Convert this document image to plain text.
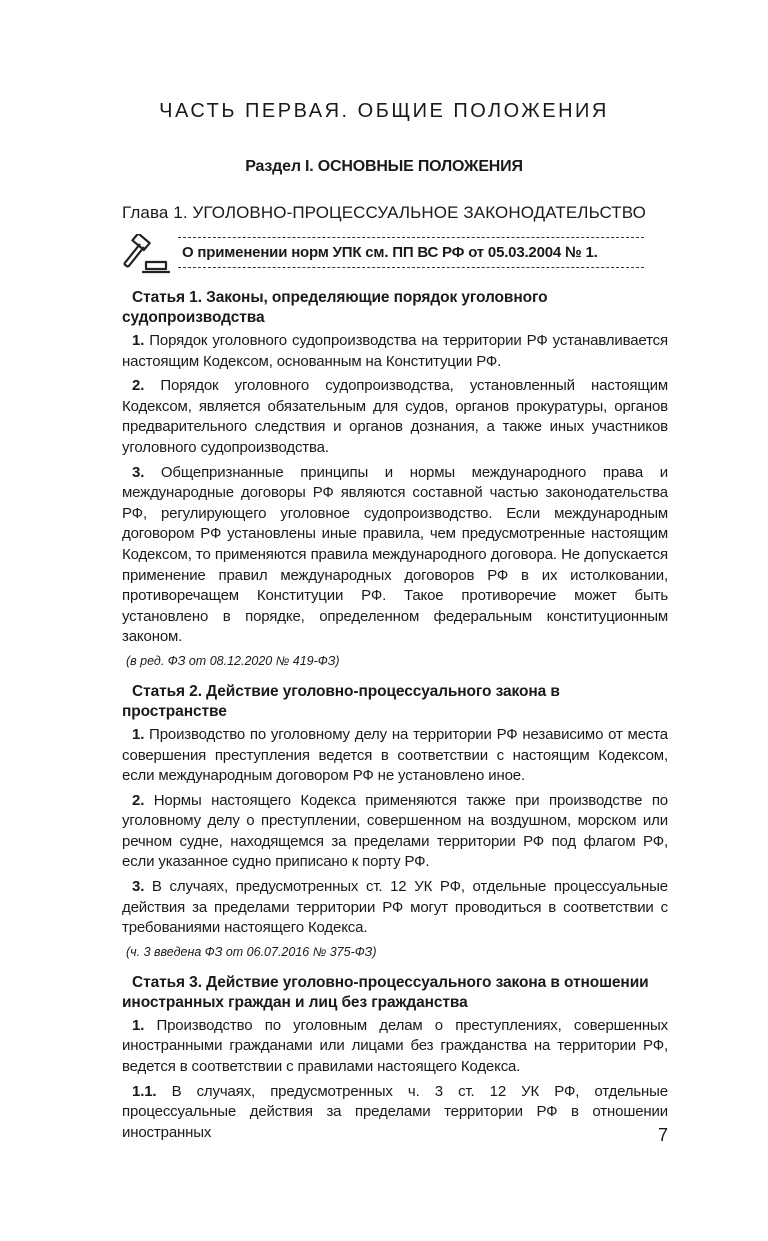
ЧАСТЬ ПЕРВАЯ. ОБЩИЕ ПОЛОЖЕНИЯ
Раздел I. ОСНОВНЫЕ ПОЛОЖЕНИЯ
Глава 1. УГОЛОВНО-ПРОЦЕССУАЛЬНОЕ ЗАКОНОДАТЕЛЬСТВО
О применении норм УПК см. ПП ВС РФ от 05.03.2004 № 1.
Статья 1. Законы, определяющие порядок уголовного судопроизводства

1. Порядок уголовного судопроизводства на территории РФ устанавливается настоящим Кодексом, основанным на Конституции РФ.

2. Порядок уголовного судопроизводства, установленный настоящим Кодексом, является обязательным для судов, органов прокуратуры, органов предварительного следствия и органов дознания, а также иных участников уголовного судопроизводства.

3. Общепризнанные принципы и нормы международного права и международные договоры РФ являются составной частью законодательства РФ, регулирующего уголовное судопроизводство. Если международным договором РФ установлены иные правила, чем предусмотренные настоящим Кодексом, то применяются правила международного договора. Не допускается применение правил международных договоров РФ в их истолковании, противоречащем Конституции РФ. Такое противоречие может быть установлено в порядке, определенном федеральным конституционным законом.

(в ред. ФЗ от 08.12.2020 № 419-ФЗ)
Статья 2. Действие уголовно-процессуального закона в пространстве

1. Производство по уголовному делу на территории РФ независимо от места совершения преступления ведется в соответствии с настоящим Кодексом, если международным договором РФ не установлено иное.

2. Нормы настоящего Кодекса применяются также при производстве по уголовному делу о преступлении, совершенном на воздушном, морском или речном судне, находящемся за пределами территории РФ под флагом РФ, если указанное судно приписано к порту РФ.

3. В случаях, предусмотренных ст. 12 УК РФ, отдельные процессуальные действия за пределами территории РФ могут проводиться в соответствии с требованиями настоящего Кодекса.

(ч. 3 введена ФЗ от 06.07.2016 № 375-ФЗ)
Статья 3. Действие уголовно-процессуального закона в отношении иностранных граждан и лиц без гражданства

1. Производство по уголовным делам о преступлениях, совершенных иностранными гражданами или лицами без гражданства на территории РФ, ведется в соответствии с правилами настоящего Кодекса.

1.1. В случаях, предусмотренных ч. 3 ст. 12 УК РФ, отдельные процессуальные действия за пределами территории РФ в отношении иностранных	7
